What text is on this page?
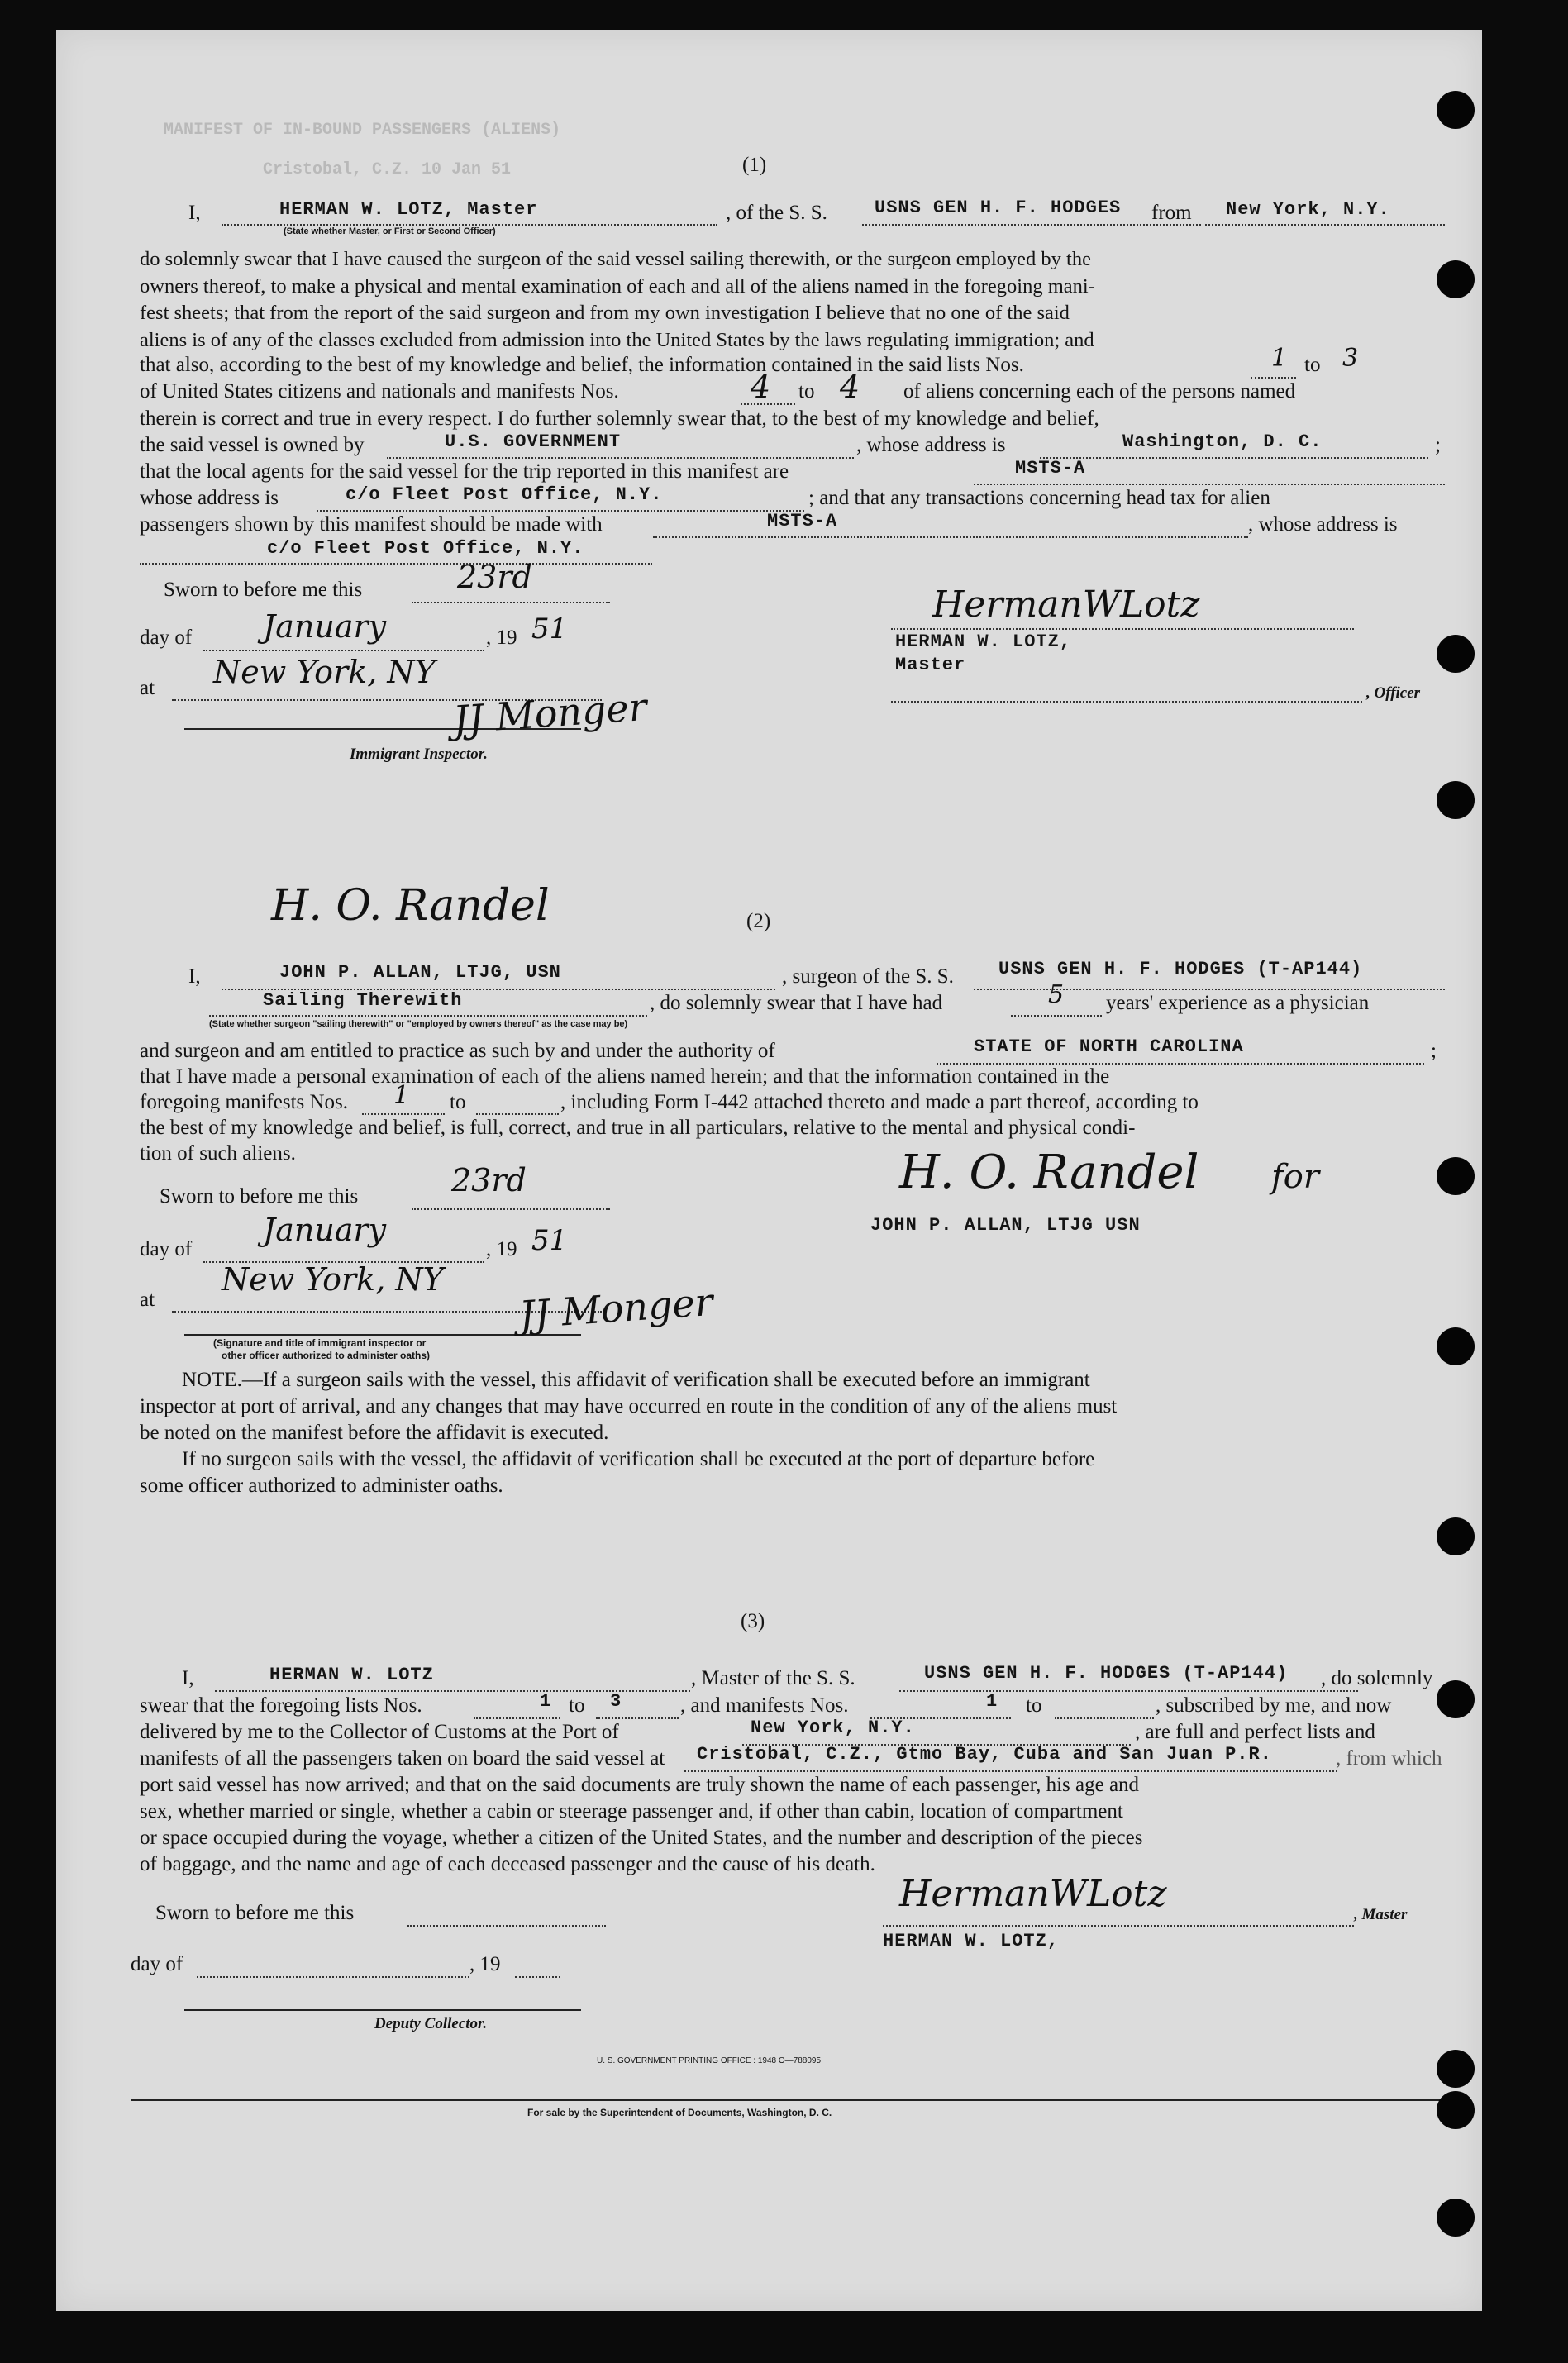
MANIFEST OF IN-BOUND PASSENGERS (ALIENS)
Cristobal, C.Z. 10 Jan 51	(1)
I,	HERMAN W. LOTZ, Master
(State whether Master, or First or Second Officer)
, of the S. S.	USNS GEN H. F. HODGES from New York, N.Y.
do solemnly swear that I have caused the surgeon of the said vessel sailing therewith, or the surgeon employed by the
owners thereof, to make a physical and mental examination of each and all of the aliens named in the foregoing mani-
fest sheets; that from the report of the said surgeon and from my own investigation I believe that no one of the said
aliens is of any of the classes excluded from admission into the United States by the laws regulating immigration; and
that also, according to the best of my knowledge and belief, the information contained in the said lists Nos.	1 to 3
of United States citizens and nationals and manifests Nos.	4 to 4 of aliens concerning each of the persons named
therein is correct and true in every respect. I do further solemnly swear that, to the best of my knowledge and belief,
the said vessel is owned by	U.S. GOVERNMENT	, whose address is	Washington, D. C.	;
that the local agents for the said vessel for the trip reported in this manifest are	MSTS-A
whose address is	c/o Fleet Post Office, N.Y.	; and that any transactions concerning head tax for alien
passengers shown by this manifest should be made with	MSTS-A	, whose address is
c/o Fleet Post Office, N.Y.
Sworn to before me this	23rd
day of January	, 19 51
at New York, NY
JJ Monger
Immigrant Inspector.
HermanWLotz
HERMAN W. LOTZ,
Master
, Officer
H. O. Randel	(2)
I,	JOHN P. ALLAN, LTJG, USN	, surgeon of the S. S. USNS GEN H. F. HODGES (T-AP144)
Sailing Therewith	, do solemnly swear that I have had	5 years' experience as a physician
(State whether surgeon "sailing therewith" or "employed by owners thereof" as the case may be)
and surgeon and am entitled to practice as such by and under the authority of	STATE OF NORTH CAROLINA	;
that I have made a personal examination of each of the aliens named herein; and that the information contained in the
foregoing manifests Nos. 1 to	, including Form I-442 attached thereto and made a part thereof, according to
the best of my knowledge and belief, is full, correct, and true in all particulars, relative to the mental and physical condi-
tion of such aliens.
Sworn to before me this	23rd	H. O. Randel for
JOHN P. ALLAN, LTJG USN
day of
January
, 19 51
at
New York, NY JJ Monger
(Signature and title of immigrant inspector or
other officer authorized to administer oaths)
NOTE.—If a surgeon sails with the vessel, this affidavit of verification shall be executed before an immigrant
inspector at port of arrival, and any changes that may have occurred en route in the condition of any of the aliens must
be noted on the manifest before the affidavit is executed.
If no surgeon sails with the vessel, the affidavit of verification shall be executed at the port of departure before
some officer authorized to administer oaths.
(3)
I,	HERMAN W. LOTZ	, Master of the S. S.	USNS GEN H. F. HODGES (T-AP144) , do solemnly
swear that the foregoing lists Nos.	1 to 3	, and manifests Nos.	1 to	, subscribed by me, and now
delivered by me to the Collector of Customs at the Port of	New York, N.Y.	, are full and perfect lists and
manifests of all the passengers taken on board the said vessel at Cristobal, C.Z., Gtmo Bay, Cuba and San Juan P.R.	, from which
port said vessel has now arrived; and that on the said documents are truly shown the name of each passenger, his age and
sex, whether married or single, whether a cabin or steerage passenger and, if other than cabin, location of compartment
or space occupied during the voyage, whether a citizen of the United States, and the number and description of the pieces
of baggage, and the name and age of each deceased passenger and the cause of his death.
Sworn to before me this	HermanWLotz	, Master
HERMAN W. LOTZ,
day of	, 19
Deputy Collector.
U. S. GOVERNMENT PRINTING OFFICE : 1948 O—788095
For sale by the Superintendent of Documents, Washington, D. C.
